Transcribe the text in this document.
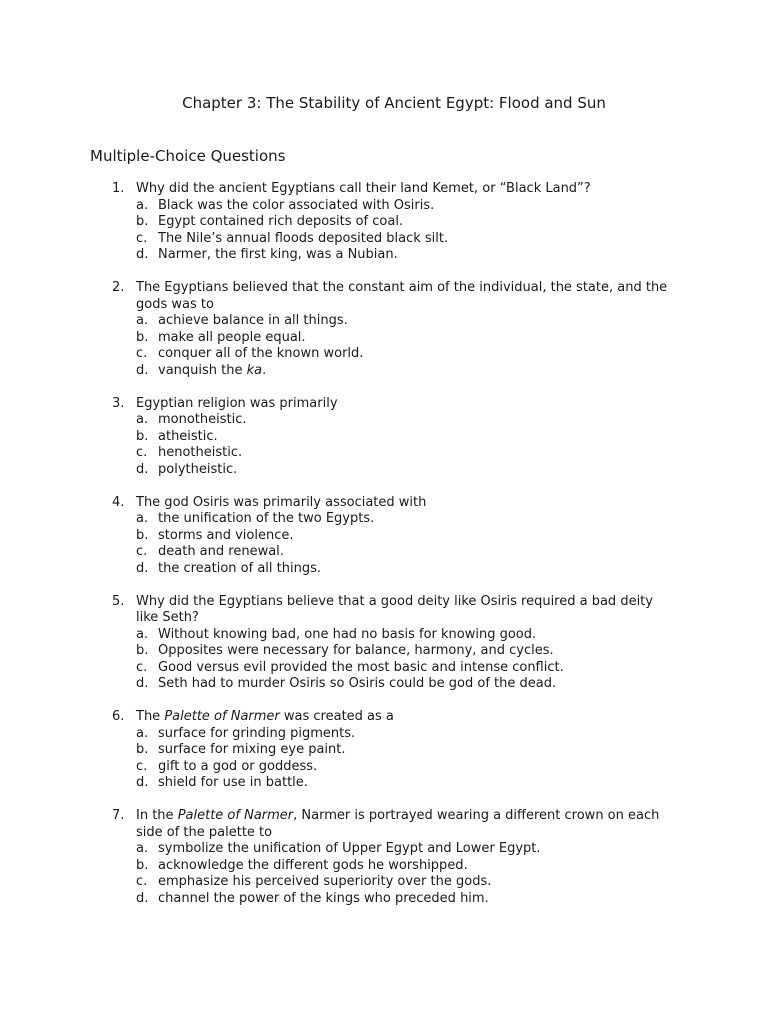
Chapter 3: The Stability of Ancient Egypt: Flood and Sun
Multiple-Choice Questions
1. Why did the ancient Egyptians call their land Kemet, or “Black Land”?
a. Black was the color associated with Osiris.
b. Egypt contained rich deposits of coal.
c. The Nile’s annual floods deposited black silt.
d. Narmer, the first king, was a Nubian.
2. The Egyptians believed that the constant aim of the individual, the state, and the gods was to
a. achieve balance in all things.
b. make all people equal.
c. conquer all of the known world.
d. vanquish the ka.
3. Egyptian religion was primarily
a. monotheistic.
b. atheistic.
c. henotheistic.
d. polytheistic.
4. The god Osiris was primarily associated with
a. the unification of the two Egypts.
b. storms and violence.
c. death and renewal.
d. the creation of all things.
5. Why did the Egyptians believe that a good deity like Osiris required a bad deity like Seth?
a. Without knowing bad, one had no basis for knowing good.
b. Opposites were necessary for balance, harmony, and cycles.
c. Good versus evil provided the most basic and intense conflict.
d. Seth had to murder Osiris so Osiris could be god of the dead.
6. The Palette of Narmer was created as a
a. surface for grinding pigments.
b. surface for mixing eye paint.
c. gift to a god or goddess.
d. shield for use in battle.
7. In the Palette of Narmer, Narmer is portrayed wearing a different crown on each side of the palette to
a. symbolize the unification of Upper Egypt and Lower Egypt.
b. acknowledge the different gods he worshipped.
c. emphasize his perceived superiority over the gods.
d. channel the power of the kings who preceded him.
